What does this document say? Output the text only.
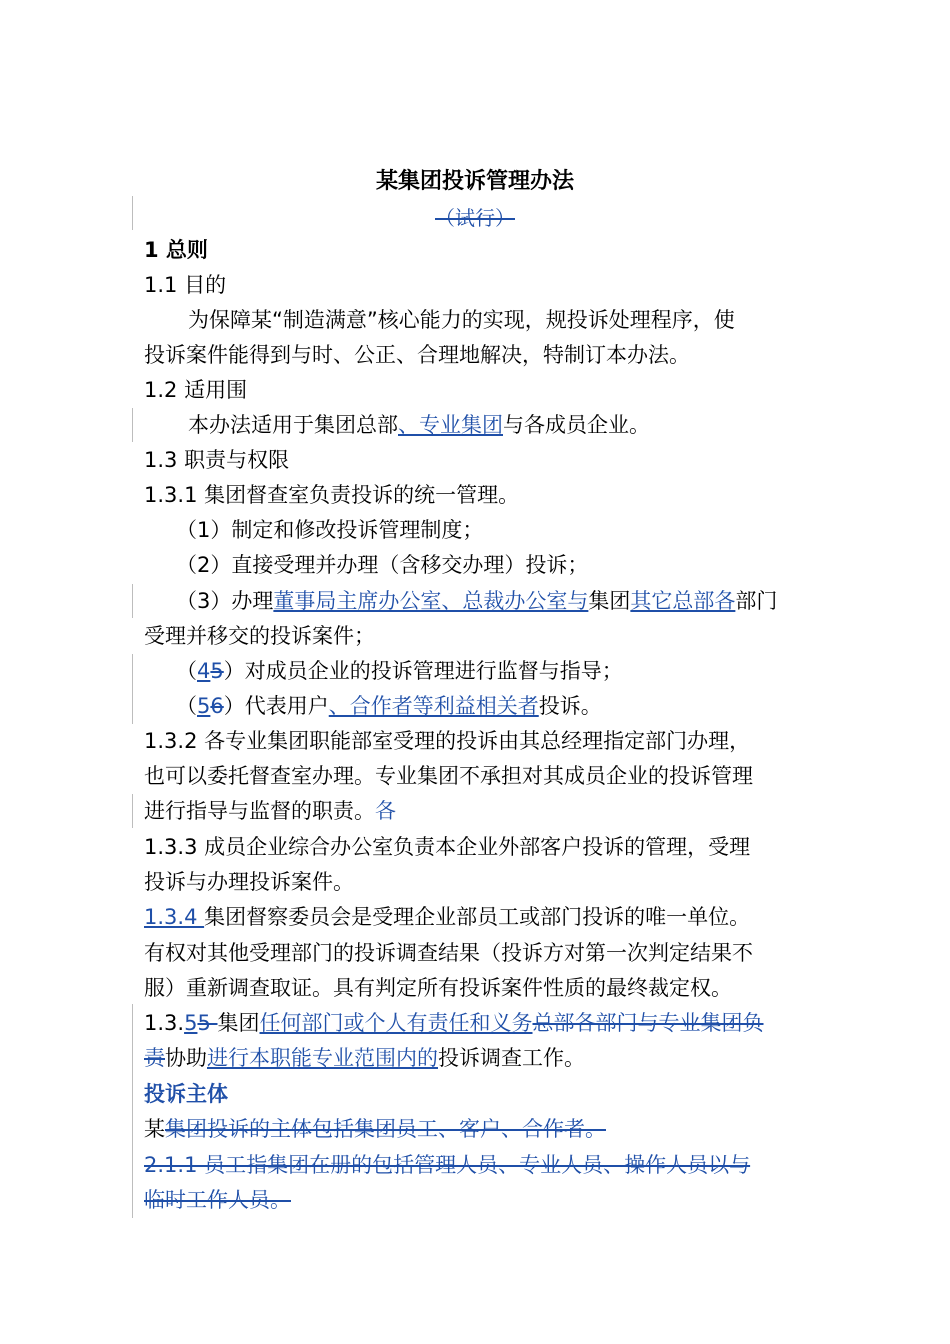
某集团投诉管理办法
（试行）
1 总则
1.1 目的
为保障某“制造满意”核心能力的实现，规投诉处理程序，使
投诉案件能得到与时、公正、合理地解决，特制订本办法。
1.2 适用围
本办法适用于集团总部、专业集团与各成员企业。
1.3 职责与权限
1.3.1 集团督查室负责投诉的统一管理。
（1）制定和修改投诉管理制度；
（2）直接受理并办理（含移交办理）投诉；
（3）办理董事局主席办公室、总裁办公室与集团其它总部各部门
受理并移交的投诉案件；
（45）对成员企业的投诉管理进行监督与指导；
（56）代表用户、合作者等利益相关者投诉。
1.3.2 各专业集团职能部室受理的投诉由其总经理指定部门办理，
也可以委托督查室办理。专业集团不承担对其成员企业的投诉管理
进行指导与监督的职责。各
1.3.3 成员企业综合办公室负责本企业外部客户投诉的管理，受理
投诉与办理投诉案件。
1.3.4 集团督察委员会是受理企业部员工或部门投诉的唯一单位。
有权对其他受理部门的投诉调查结果（投诉方对第一次判定结果不
服）重新调查取证。具有判定所有投诉案件性质的最终裁定权。
1.3.55 集团任何部门或个人有责任和义务总部各部门与专业集团负
责协助进行本职能专业范围内的投诉调查工作。
投诉主体
某集团投诉的主体包括集团员工、客户、合作者。
2.1.1 员工指集团在册的包括管理人员、专业人员、操作人员以与
临时工作人员。
